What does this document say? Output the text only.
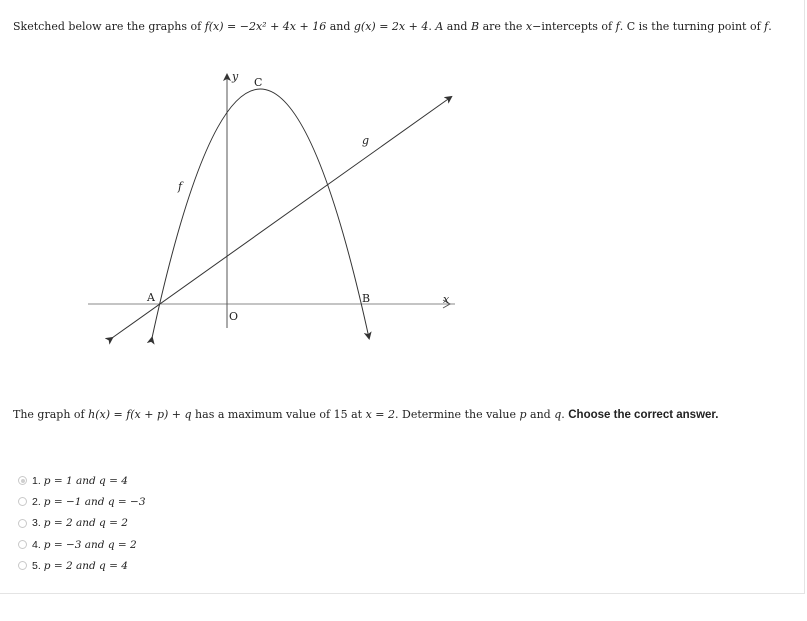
Sketched below are the graphs of f(x) = −2x² + 4x + 16 and g(x) = 2x + 4. A and B are the x−intercepts of f. C is the turning point of f.
y
x
C
f
g
A	B
O
The graph of h(x) = f(x + p) + q has a maximum value of 15 at x = 2. Determine the value p and q. Choose the correct answer.
1. p = 1 and q = 4
2. p = −1 and q = −3
3. p = 2 and q = 2
4. p = −3 and q = 2
5. p = 2 and q = 4
